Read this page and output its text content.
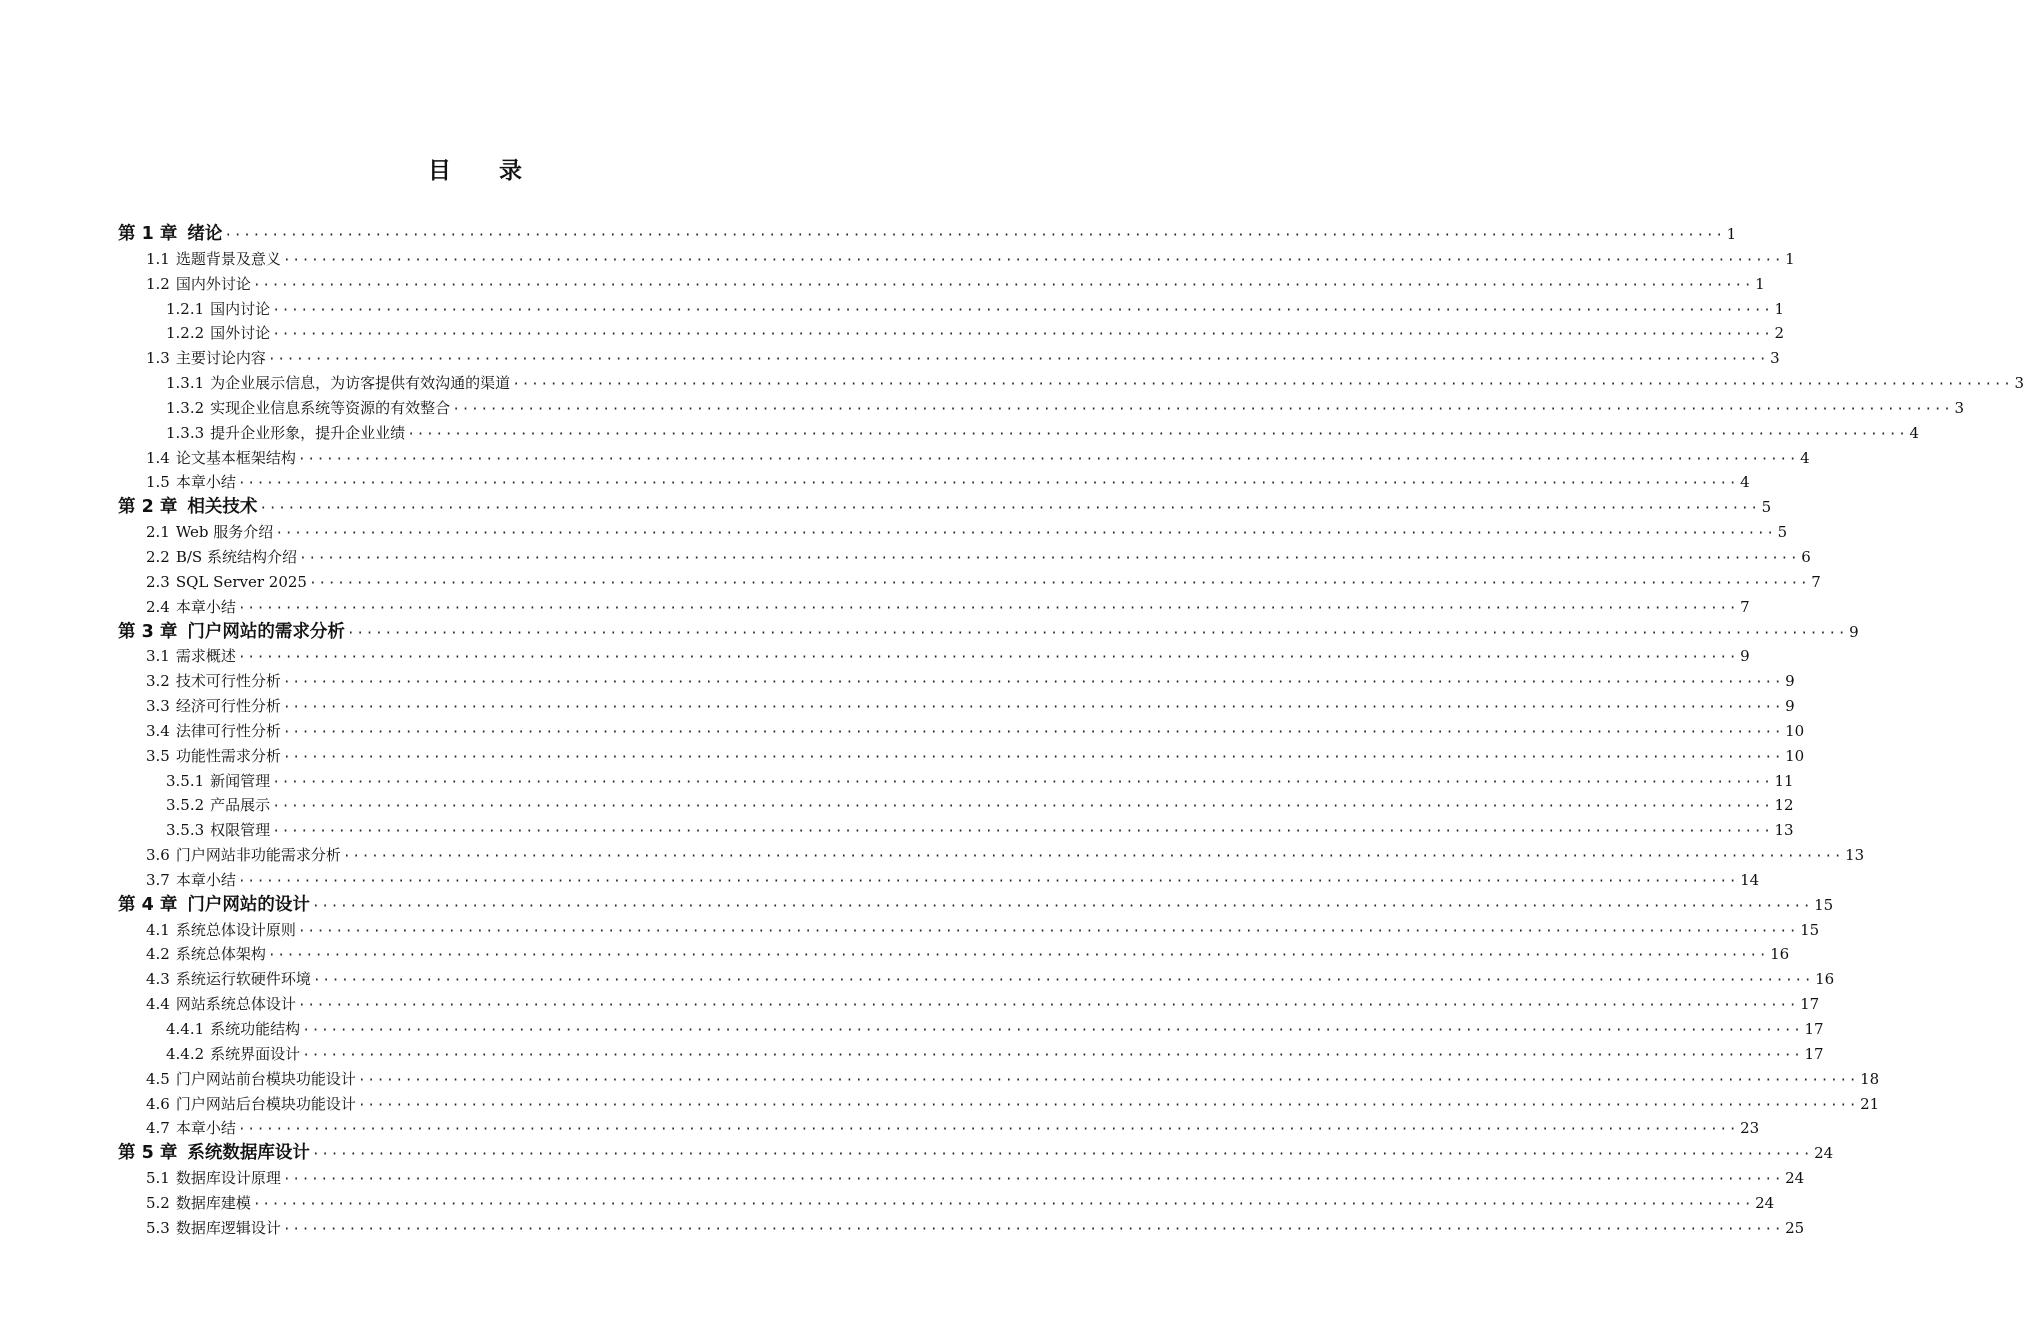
目 录
第 1 章 绪论 ································································································································································ 1
1.1 选题背景及意义 ································································································································································ 1
1.2 国内外讨论 ································································································································································ 1
1.2.1 国内讨论 ································································································································································ 1
1.2.2 国外讨论 ································································································································································ 2
1.3 主要讨论内容 ································································································································································ 3
1.3.1 为企业展示信息，为访客提供有效沟通的渠道 ································································································································································ 3
1.3.2 实现企业信息系统等资源的有效整合 ································································································································································ 3
1.3.3 提升企业形象，提升企业业绩 ································································································································································ 4
1.4 论文基本框架结构 ································································································································································ 4
1.5 本章小结 ································································································································································ 4
第 2 章 相关技术 ································································································································································ 5
2.1 Web 服务介绍 ································································································································································ 5
2.2 B/S 系统结构介绍 ································································································································································ 6
2.3 SQL Server 2025 ································································································································································ 7
2.4 本章小结 ································································································································································ 7
第 3 章 门户网站的需求分析 ································································································································································ 9
3.1 需求概述 ································································································································································ 9
3.2 技术可行性分析 ································································································································································ 9
3.3 经济可行性分析 ································································································································································ 9
3.4 法律可行性分析 ································································································································································ 10
3.5 功能性需求分析 ································································································································································ 10
3.5.1 新闻管理 ································································································································································ 11
3.5.2 产品展示 ································································································································································ 12
3.5.3 权限管理 ································································································································································ 13
3.6 门户网站非功能需求分析 ································································································································································ 13
3.7 本章小结 ································································································································································ 14
第 4 章 门户网站的设计 ································································································································································ 15
4.1 系统总体设计原则 ································································································································································ 15
4.2 系统总体架构 ································································································································································ 16
4.3 系统运行软硬件环境 ································································································································································ 16
4.4 网站系统总体设计 ································································································································································ 17
4.4.1 系统功能结构 ································································································································································ 17
4.4.2 系统界面设计 ································································································································································ 17
4.5 门户网站前台模块功能设计 ································································································································································ 18
4.6 门户网站后台模块功能设计 ································································································································································ 21
4.7 本章小结 ································································································································································ 23
第 5 章 系统数据库设计 ································································································································································ 24
5.1 数据库设计原理 ································································································································································ 24
5.2 数据库建模 ································································································································································ 24
5.3 数据库逻辑设计 ································································································································································ 25
